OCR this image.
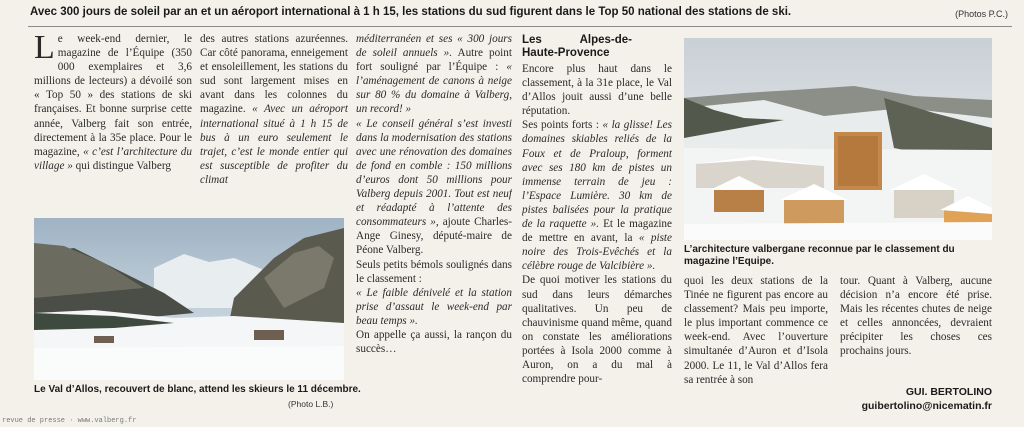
Avec 300 jours de soleil par an et un aéroport international à 1 h 15, les stations du sud figurent dans le Top 50 national des stations de ski.	(Photos P.C.)
L e week-end dernier, le magazine de l’Équipe (350 000 exemplaires et 3,6 millions de lecteurs) a dévoilé son « Top 50 » des stations de ski françaises. Et bonne surprise cette année, Valberg fait son entrée, directement à la 35e place. Pour le magazine, « c’est l’architecture du village » qui distingue Valberg
des autres stations azuréennes. Car côté panorama, enneigement et ensoleillement, les stations du sud sont largement mises en avant dans les colonnes du magazine. « Avec un aéroport international situé à 1 h 15 de bus à un euro seulement le trajet, c’est le monde entier qui est susceptible de profiter du climat
Le Val d’Allos, recouvert de blanc, attend les skieurs le 11 décembre.
(Photo L.B.)
méditerranéen et ses « 300 jours de soleil annuels ». Autre point fort souligné par l’Équipe : « l’aménagement de canons à neige sur 80 % du domaine à Valberg, un record! »
« Le conseil général s’est investi dans la modernisation des stations avec une rénovation des domaines de fond en comble : 150 millions d’euros dont 50 millions pour Valberg depuis 2001. Tout est neuf et réadapté à l’attente des consommateurs », ajoute Charles-Ange Ginesy, député-maire de Péone Valberg.
Seuls petits bémols soulignés dans le classement :
« Le faible dénivelé et la station prise d’assaut le week-end par beau temps ».
On appelle ça aussi, la rançon du succès…
Les Alpes-de-Haute-Provence
Encore plus haut dans le classement, à la 31e place, le Val d’Allos jouit aussi d’une belle réputation.
Ses points forts : « la glisse! Les domaines skiables reliés de la Foux et de Praloup, forment avec ses 180 km de pistes un immense terrain de jeu : l’Espace Lumière. 30 km de pistes balisées pour la pratique de la raquette ». Et le magazine de mettre en avant, la « piste noire des Trois-Evêchés et la célèbre rouge de Valcibière ».
De quoi motiver les stations du sud dans leurs démarches qualitatives. Un peu de chauvinisme quand même, quand on constate les améliorations portées à Isola 2000 comme à Auron, on a du mal à comprendre pour-
L’architecture valbergane reconnue par le classement du magazine l’Equipe.
quoi les deux stations de la Tinée ne figurent pas encore au classement? Mais peu importe, le plus important commence ce week-end. Avec l’ouverture simultanée d’Auron et d’Isola 2000. Le 11, le Val d’Allos fera sa rentrée à son
tour. Quant à Valberg, aucune décision n’a encore été prise. Mais les récentes chutes de neige et celles annoncées, devraient précipiter les choses ces prochains jours.
GUI. BERTOLINO
guibertolino@nicematin.fr
revue de presse · www.valberg.fr
